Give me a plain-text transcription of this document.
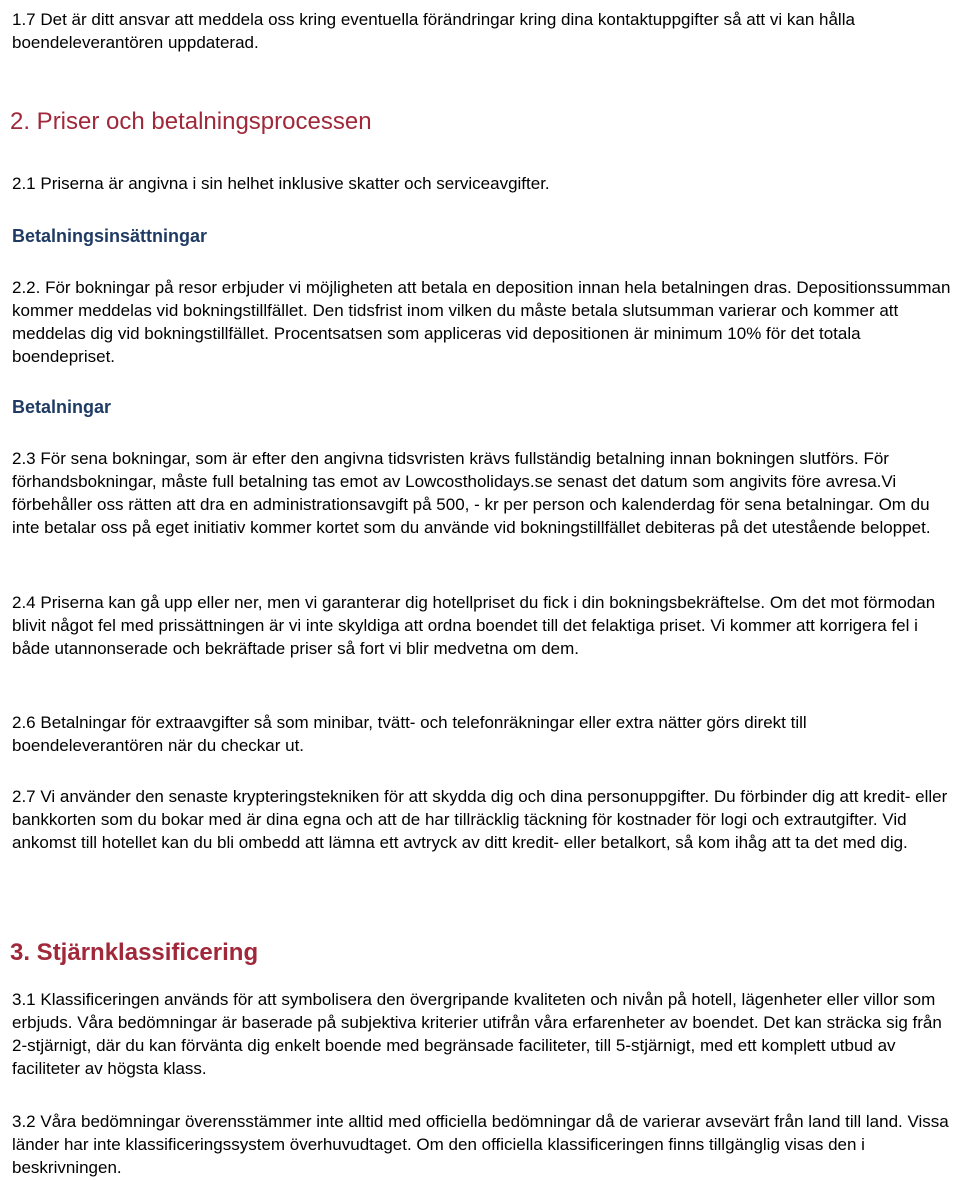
1.7 Det är ditt ansvar att meddela oss kring eventuella förändringar kring dina kontaktuppgifter så att vi kan hålla boendeleverantören uppdaterad.

2. Priser och betalningsprocessen

2.1 Priserna är angivna i sin helhet inklusive skatter och serviceavgifter.

Betalningsinsättningar

2.2. För bokningar på resor erbjuder vi möjligheten att betala en deposition innan hela betalningen dras. Depositionssumman kommer meddelas vid bokningstillfället. Den tidsfrist inom vilken du måste betala slutsumman varierar och kommer att meddelas dig vid bokningstillfället. Procentsatsen som appliceras vid depositionen är minimum 10% för det totala boendepriset.

Betalningar

2.3 För sena bokningar, som är efter den angivna tidsvristen krävs fullständig betalning innan bokningen slutförs. För förhandsbokningar, måste full betalning tas emot av Lowcostholidays.se senast det datum som angivits före avresa.Vi förbehåller oss rätten att dra en administrationsavgift på 500, - kr per person och kalenderdag för sena betalningar. Om du inte betalar oss på eget initiativ kommer kortet som du använde vid bokningstillfället debiteras på det utestående beloppet.

2.4 Priserna kan gå upp eller ner, men vi garanterar dig hotellpriset du fick i din bokningsbekräftelse. Om det mot förmodan blivit något fel med prissättningen är vi inte skyldiga att ordna boendet till det felaktiga priset. Vi kommer att korrigera fel i både utannonserade och bekräftade priser så fort vi blir medvetna om dem.

2.6 Betalningar för extraavgifter så som minibar, tvätt- och telefonräkningar eller extra nätter görs direkt till boendeleverantören när du checkar ut.

2.7 Vi använder den senaste krypteringstekniken för att skydda dig och dina personuppgifter. Du förbinder dig att kredit- eller bankkorten som du bokar med är dina egna och att de har tillräcklig täckning för kostnader för logi och extrautgifter. Vid ankomst till hotellet kan du bli ombedd att lämna ett avtryck av ditt kredit- eller betalkort, så kom ihåg att ta det med dig.

3. Stjärnklassificering

3.1 Klassificeringen används för att symbolisera den övergripande kvaliteten och nivån på hotell, lägenheter eller villor som erbjuds. Våra bedömningar är baserade på subjektiva kriterier utifrån våra erfarenheter av boendet. Det kan sträcka sig från 2-stjärnigt, där du kan förvänta dig enkelt boende med begränsade faciliteter, till 5-stjärnigt, med ett komplett utbud av faciliteter av högsta klass.

3.2 Våra bedömningar överensstämmer inte alltid med officiella bedömningar då de varierar avsevärt från land till land. Vissa länder har inte klassificeringssystem överhuvudtaget. Om den officiella klassificeringen finns tillgänglig visas den i beskrivningen.
